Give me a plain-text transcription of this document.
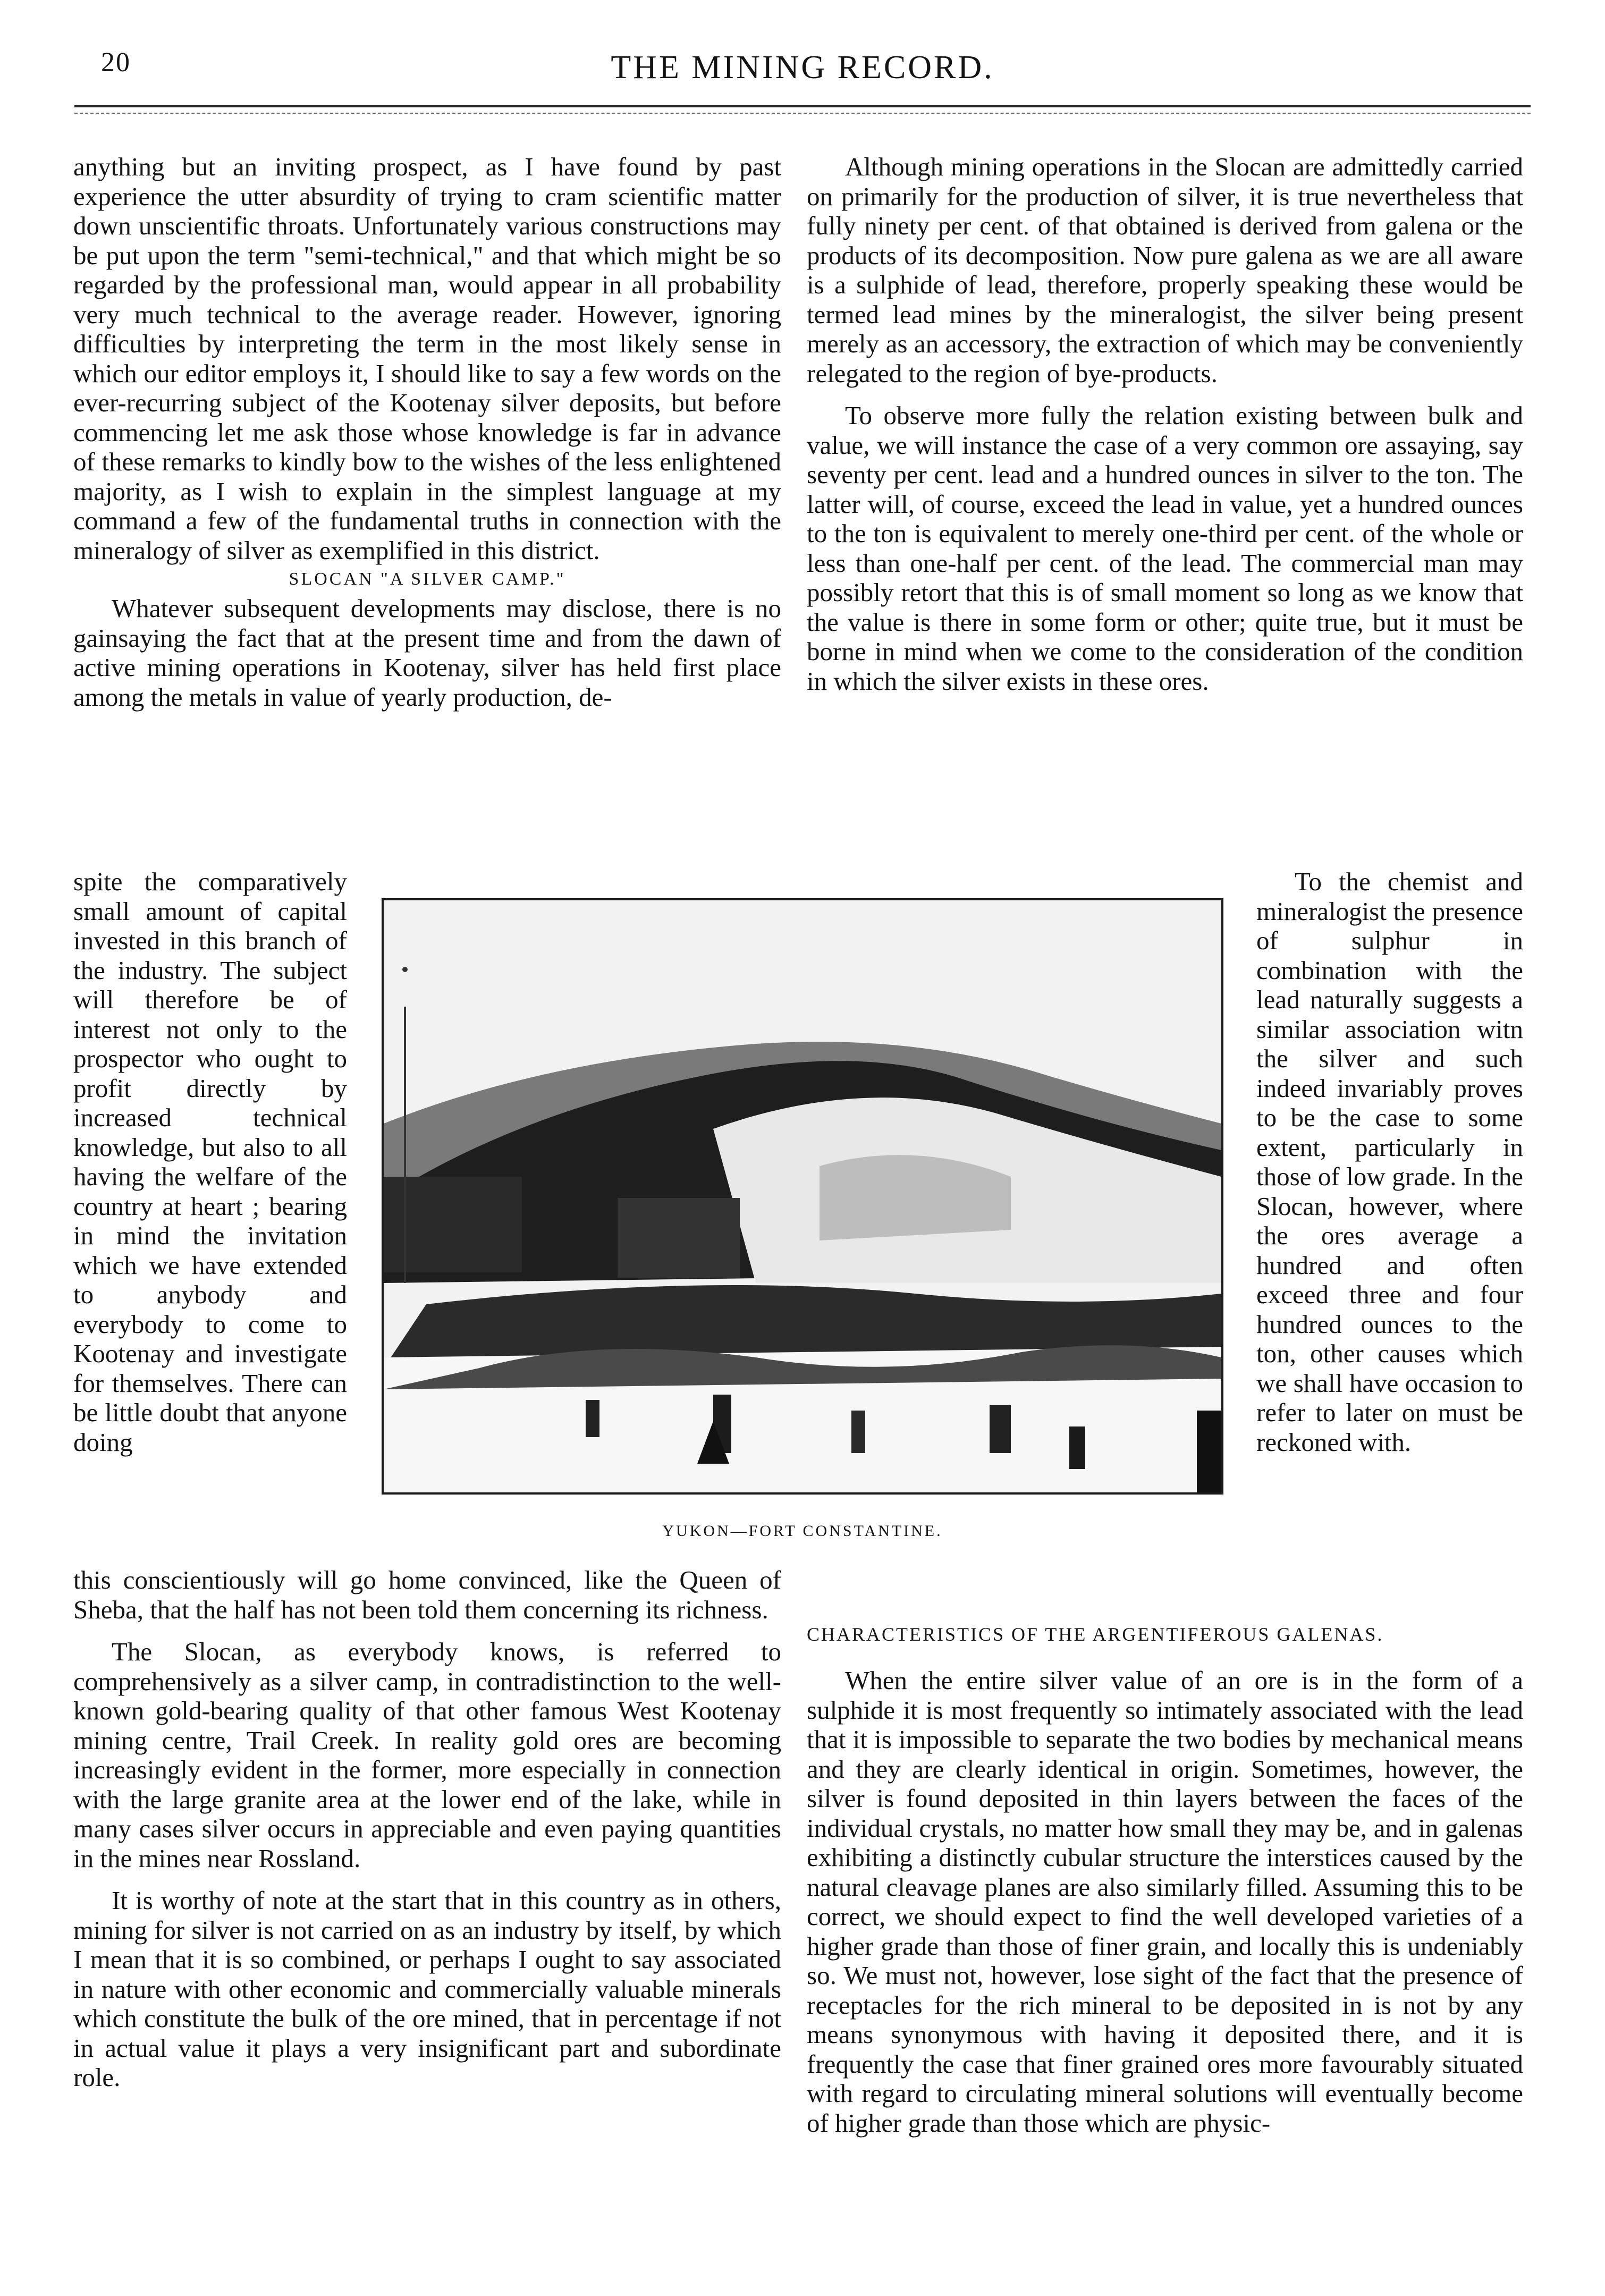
20	THE MINING RECORD.

anything but an inviting prospect, as I have found by past experience the utter absurdity of trying to cram scientific matter down unscientific throats. Unfortunately various constructions may be put upon the term "semi-technical," and that which might be so regarded by the professional man, would appear in all probability very much technical to the average reader. However, ignoring difficulties by interpreting the term in the most likely sense in which our editor employs it, I should like to say a few words on the ever-recurring subject of the Kootenay silver deposits, but before commencing let me ask those whose knowledge is far in advance of these remarks to kindly bow to the wishes of the less enlightened majority, as I wish to explain in the simplest language at my command a few of the fundamental truths in connection with the mineralogy of silver as exemplified in this district.

SLOCAN "A SILVER CAMP."

Whatever subsequent developments may disclose, there is no gainsaying the fact that at the present time and from the dawn of active mining operations in Kootenay, silver has held first place among the metals in value of yearly production, de-

spite the comparatively small amount of capital invested in this branch of the industry. The subject will therefore be of interest not only to the prospector who ought to profit directly by increased technical knowledge, but also to all having the welfare of the country at heart ; bearing in mind the invitation which we have extended to anybody and everybody to come to Kootenay and investigate for themselves. There can be little doubt that anyone doing

this conscientiously will go home convinced, like the Queen of Sheba, that the half has not been told them concerning its richness.

The Slocan, as everybody knows, is referred to comprehensively as a silver camp, in contradistinction to the well-known gold-bearing quality of that other famous West Kootenay mining centre, Trail Creek. In reality gold ores are becoming increasingly evident in the former, more especially in connection with the large granite area at the lower end of the lake, while in many cases silver occurs in appreciable and even paying quantities in the mines near Rossland.

It is worthy of note at the start that in this country as in others, mining for silver is not carried on as an industry by itself, by which I mean that it is so combined, or perhaps I ought to say associated in nature with other economic and commercially valuable minerals which constitute the bulk of the ore mined, that in percentage if not in actual value it plays a very insignificant part and subordinate role.

Although mining operations in the Slocan are admittedly carried on primarily for the production of silver, it is true nevertheless that fully ninety per cent. of that obtained is derived from galena or the products of its decomposition. Now pure galena as we are all aware is a sulphide of lead, therefore, properly speaking these would be termed lead mines by the mineralogist, the silver being present merely as an accessory, the extraction of which may be conveniently relegated to the region of bye-products.

To observe more fully the relation existing between bulk and value, we will instance the case of a very common ore assaying, say seventy per cent. lead and a hundred ounces in silver to the ton. The latter will, of course, exceed the lead in value, yet a hundred ounces to the ton is equivalent to merely one-third per cent. of the whole or less than one-half per cent. of the lead. The commercial man may possibly retort that this is of small moment so long as we know that the value is there in some form or other; quite true, but it must be borne in mind when we come to the consideration of the condition in which the silver exists in these ores.

To the chemist and mineralogist the presence of sulphur in combination with the lead naturally suggests a similar association witn the silver and such indeed invariably proves to be the case to some extent, particularly in those of low grade. In the Slocan, however, where the ores average a hundred and often exceed three and four hundred ounces to the ton, other causes which we shall have occasion to refer to later on must be reckoned with.

CHARACTERISTICS OF THE ARGENTIFEROUS GALENAS.

When the entire silver value of an ore is in the form of a sulphide it is most frequently so intimately associated with the lead that it is impossible to separate the two bodies by mechanical means and they are clearly identical in origin. Sometimes, however, the silver is found deposited in thin layers between the faces of the individual crystals, no matter how small they may be, and in galenas exhibiting a distinctly cubular structure the interstices caused by the natural cleavage planes are also similarly filled. Assuming this to be correct, we should expect to find the well developed varieties of a higher grade than those of finer grain, and locally this is undeniably so. We must not, however, lose sight of the fact that the presence of receptacles for the rich mineral to be deposited in is not by any means synonymous with having it deposited there, and it is frequently the case that finer grained ores more favourably situated with regard to circulating mineral solutions will eventually become of higher grade than those which are physic-

YUKON—FORT CONSTANTINE.
